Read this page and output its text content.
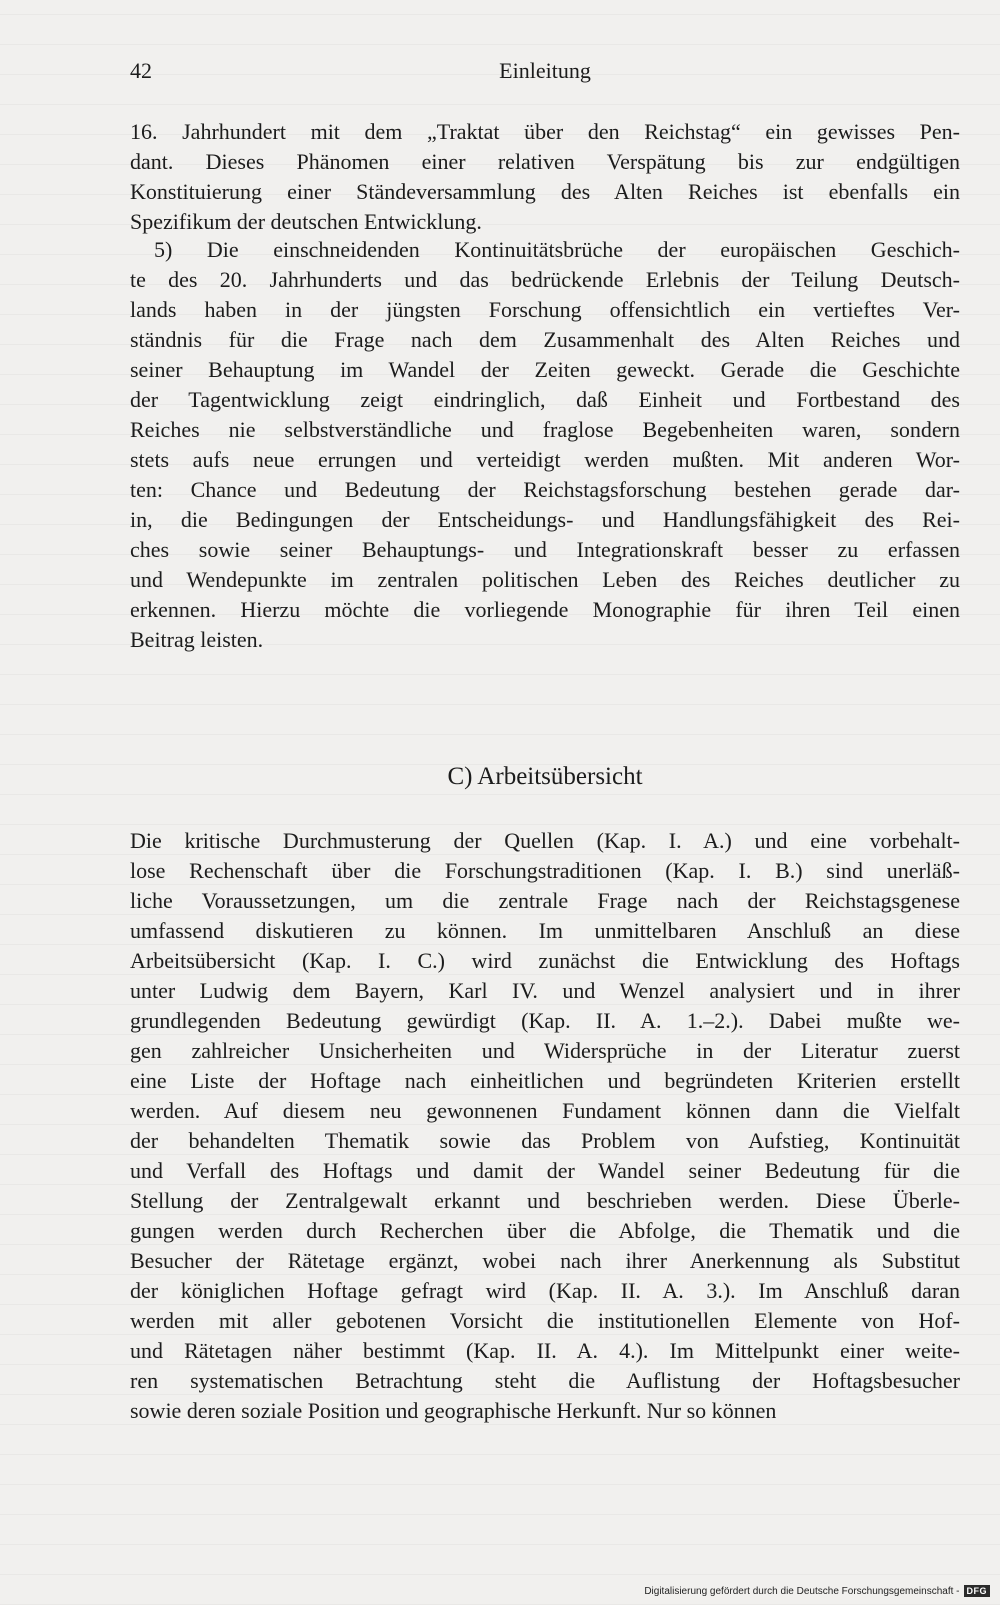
42	Einleitung
16. Jahrhundert mit dem „Traktat über den Reichstag“ ein gewisses Pen-
dant. Dieses Phänomen einer relativen Verspätung bis zur endgültigen
Konstituierung einer Ständeversammlung des Alten Reiches ist ebenfalls ein
Spezifikum der deutschen Entwicklung.
5) Die einschneidenden Kontinuitätsbrüche der europäischen Geschich-
te des 20. Jahrhunderts und das bedrückende Erlebnis der Teilung Deutsch-
lands haben in der jüngsten Forschung offensichtlich ein vertieftes Ver-
ständnis für die Frage nach dem Zusammenhalt des Alten Reiches und
seiner Behauptung im Wandel der Zeiten geweckt. Gerade die Geschichte
der Tagentwicklung zeigt eindringlich, daß Einheit und Fortbestand des
Reiches nie selbstverständliche und fraglose Begebenheiten waren, sondern
stets aufs neue errungen und verteidigt werden mußten. Mit anderen Wor-
ten: Chance und Bedeutung der Reichstagsforschung bestehen gerade dar-
in, die Bedingungen der Entscheidungs- und Handlungsfähigkeit des Rei-
ches sowie seiner Behauptungs- und Integrationskraft besser zu erfassen
und Wendepunkte im zentralen politischen Leben des Reiches deutlicher zu
erkennen. Hierzu möchte die vorliegende Monographie für ihren Teil einen
Beitrag leisten.
C) Arbeitsübersicht
Die kritische Durchmusterung der Quellen (Kap. I. A.) und eine vorbehalt-
lose Rechenschaft über die Forschungstraditionen (Kap. I. B.) sind unerläß-
liche Voraussetzungen, um die zentrale Frage nach der Reichstagsgenese
umfassend diskutieren zu können. Im unmittelbaren Anschluß an diese
Arbeitsübersicht (Kap. I. C.) wird zunächst die Entwicklung des Hoftags
unter Ludwig dem Bayern, Karl IV. und Wenzel analysiert und in ihrer
grundlegenden Bedeutung gewürdigt (Kap. II. A. 1.–2.). Dabei mußte we-
gen zahlreicher Unsicherheiten und Widersprüche in der Literatur zuerst
eine Liste der Hoftage nach einheitlichen und begründeten Kriterien erstellt
werden. Auf diesem neu gewonnenen Fundament können dann die Vielfalt
der behandelten Thematik sowie das Problem von Aufstieg, Kontinuität
und Verfall des Hoftags und damit der Wandel seiner Bedeutung für die
Stellung der Zentralgewalt erkannt und beschrieben werden. Diese Überle-
gungen werden durch Recherchen über die Abfolge, die Thematik und die
Besucher der Rätetage ergänzt, wobei nach ihrer Anerkennung als Substitut
der königlichen Hoftage gefragt wird (Kap. II. A. 3.). Im Anschluß daran
werden mit aller gebotenen Vorsicht die institutionellen Elemente von Hof-
und Rätetagen näher bestimmt (Kap. II. A. 4.). Im Mittelpunkt einer weite-
ren systematischen Betrachtung steht die Auflistung der Hoftagsbesucher
sowie deren soziale Position und geographische Herkunft. Nur so können
Digitalisierung gefördert durch die Deutsche Forschungsgemeinschaft - DFG
